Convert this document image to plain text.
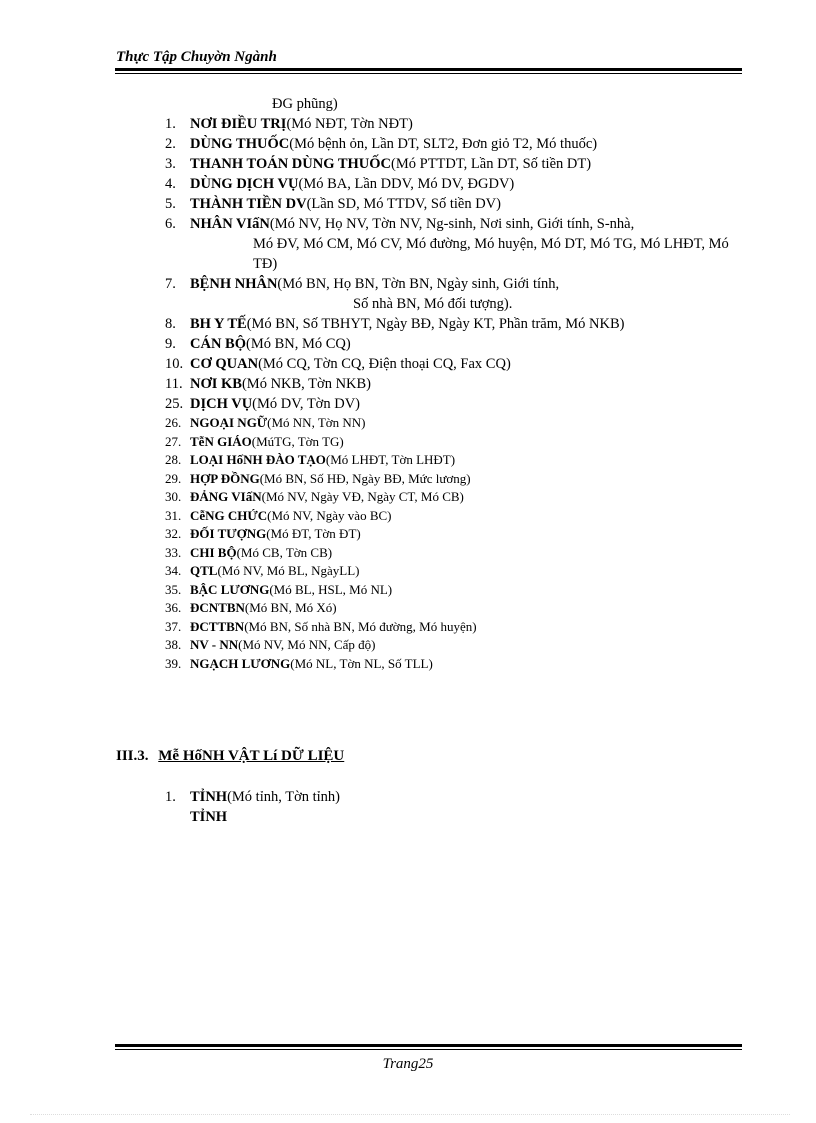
Thực Tập Chuyờn Ngành
ĐG phũng)
1. NƠI ĐIỀU TRỊ(Mó NĐT, Tờn NĐT)
2. DÙNG THUỐC(Mó bệnh ỏn, Lần DT, SLT2, Đơn giỏ T2, Mó thuốc)
3. THANH TOÁN DÙNG THUỐC(Mó PTTDT, Lần DT, Số tiền DT)
4. DÙNG DỊCH VỤ(Mó BA, Lần DDV, Mó DV, ĐGDV)
5. THÀNH TIỀN DV(Lần SD, Mó TTDV, Số tiền DV)
6. NHÂN VIấN(Mó NV, Họ NV, Tờn NV, Ng-sinh, Nơi sinh, Giới tính, S-nhà,
Mó ĐV, Mó CM, Mó CV, Mó đường, Mó huyện, Mó DT, Mó TG, Mó LHĐT, Mó TĐ)
7. BỆNH NHÂN(Mó BN, Họ BN, Tờn BN, Ngày sinh, Giới tính,
Số nhà BN, Mó đối tượng).
8. BH Y TẾ(Mó BN, Số TBHYT, Ngày BĐ, Ngày KT, Phần trăm, Mó NKB)
9. CÁN BỘ(Mó BN, Mó CQ)
10. CƠ QUAN(Mó CQ, Tờn CQ, Điện thoại CQ, Fax CQ)
11. NƠI KB(Mó NKB, Tờn NKB)
25. DỊCH VỤ(Mó DV, Tờn DV)
26. NGOẠI NGỮ(Mó NN, Tờn NN)
27. TễN GIÁO(MúTG, Tờn TG)
28. LOẠI HốNH ĐÀO TẠO(Mó LHĐT, Tờn LHĐT)
29. HỢP ĐỒNG(Mó BN, Số HĐ, Ngày BĐ, Mức lương)
30. ĐẢNG VIấN(Mó NV, Ngày VĐ, Ngày CT, Mó CB)
31. CễNG CHỨC(Mó NV, Ngày vào BC)
32. ĐỐI TƯỢNG(Mó ĐT, Tờn ĐT)
33. CHI BỘ(Mó CB, Tờn CB)
34. QTL(Mó NV, Mó BL, NgàyLL)
35. BẬC LƯƠNG(Mó BL, HSL, Mó NL)
36. ĐCNTBN(Mó BN, Mó Xó)
37. ĐCTTBN(Mó BN, Số nhà BN, Mó đường, Mó huyện)
38. NV - NN(Mó NV, Mó NN, Cấp độ)
39. NGẠCH LƯƠNG(Mó NL, Tờn NL, Số TLL)
III.3. Mễ HốNH VẬT Lí DỮ LIỆU
1. TỈNH(Mó tỉnh, Tờn tỉnh)
TỈNH
Trang25
